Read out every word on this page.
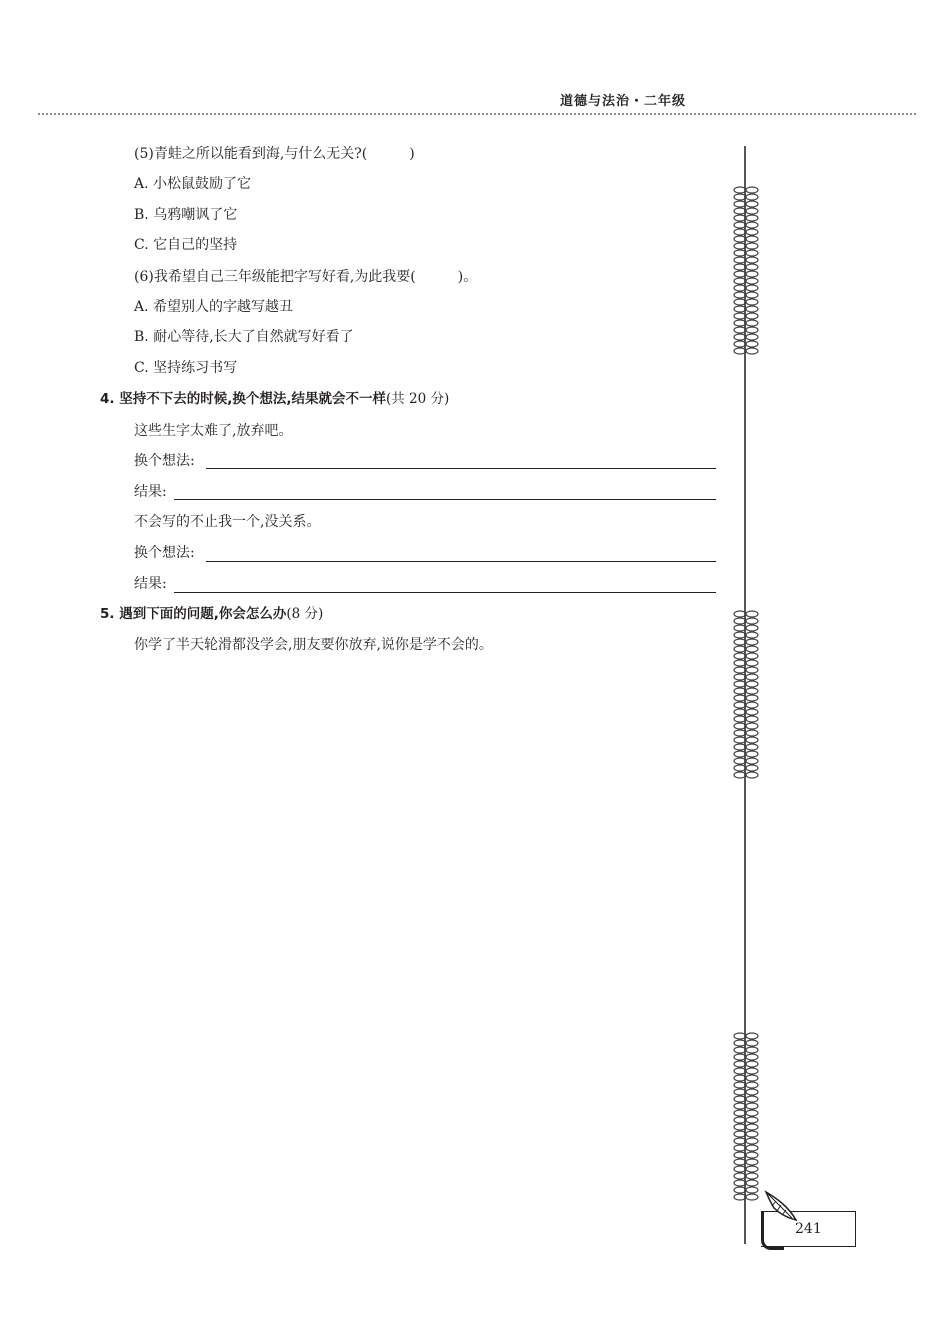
道德与法治・二年级
(5)青蛙之所以能看到海,与什么无关?(　　　)
A. 小松鼠鼓励了它
B. 乌鸦嘲讽了它
C. 它自己的坚持
(6)我希望自己三年级能把字写好看,为此我要(　　　)。
A. 希望别人的字越写越丑
B. 耐心等待,长大了自然就写好看了
C. 坚持练习书写
4. 坚持不下去的时候,换个想法,结果就会不一样(共 20 分)
这些生字太难了,放弃吧。
换个想法:
结果:
不会写的不止我一个,没关系。
换个想法:
结果:
5. 遇到下面的问题,你会怎么办(8 分)
你学了半天轮滑都没学会,朋友要你放弃,说你是学不会的。
241
